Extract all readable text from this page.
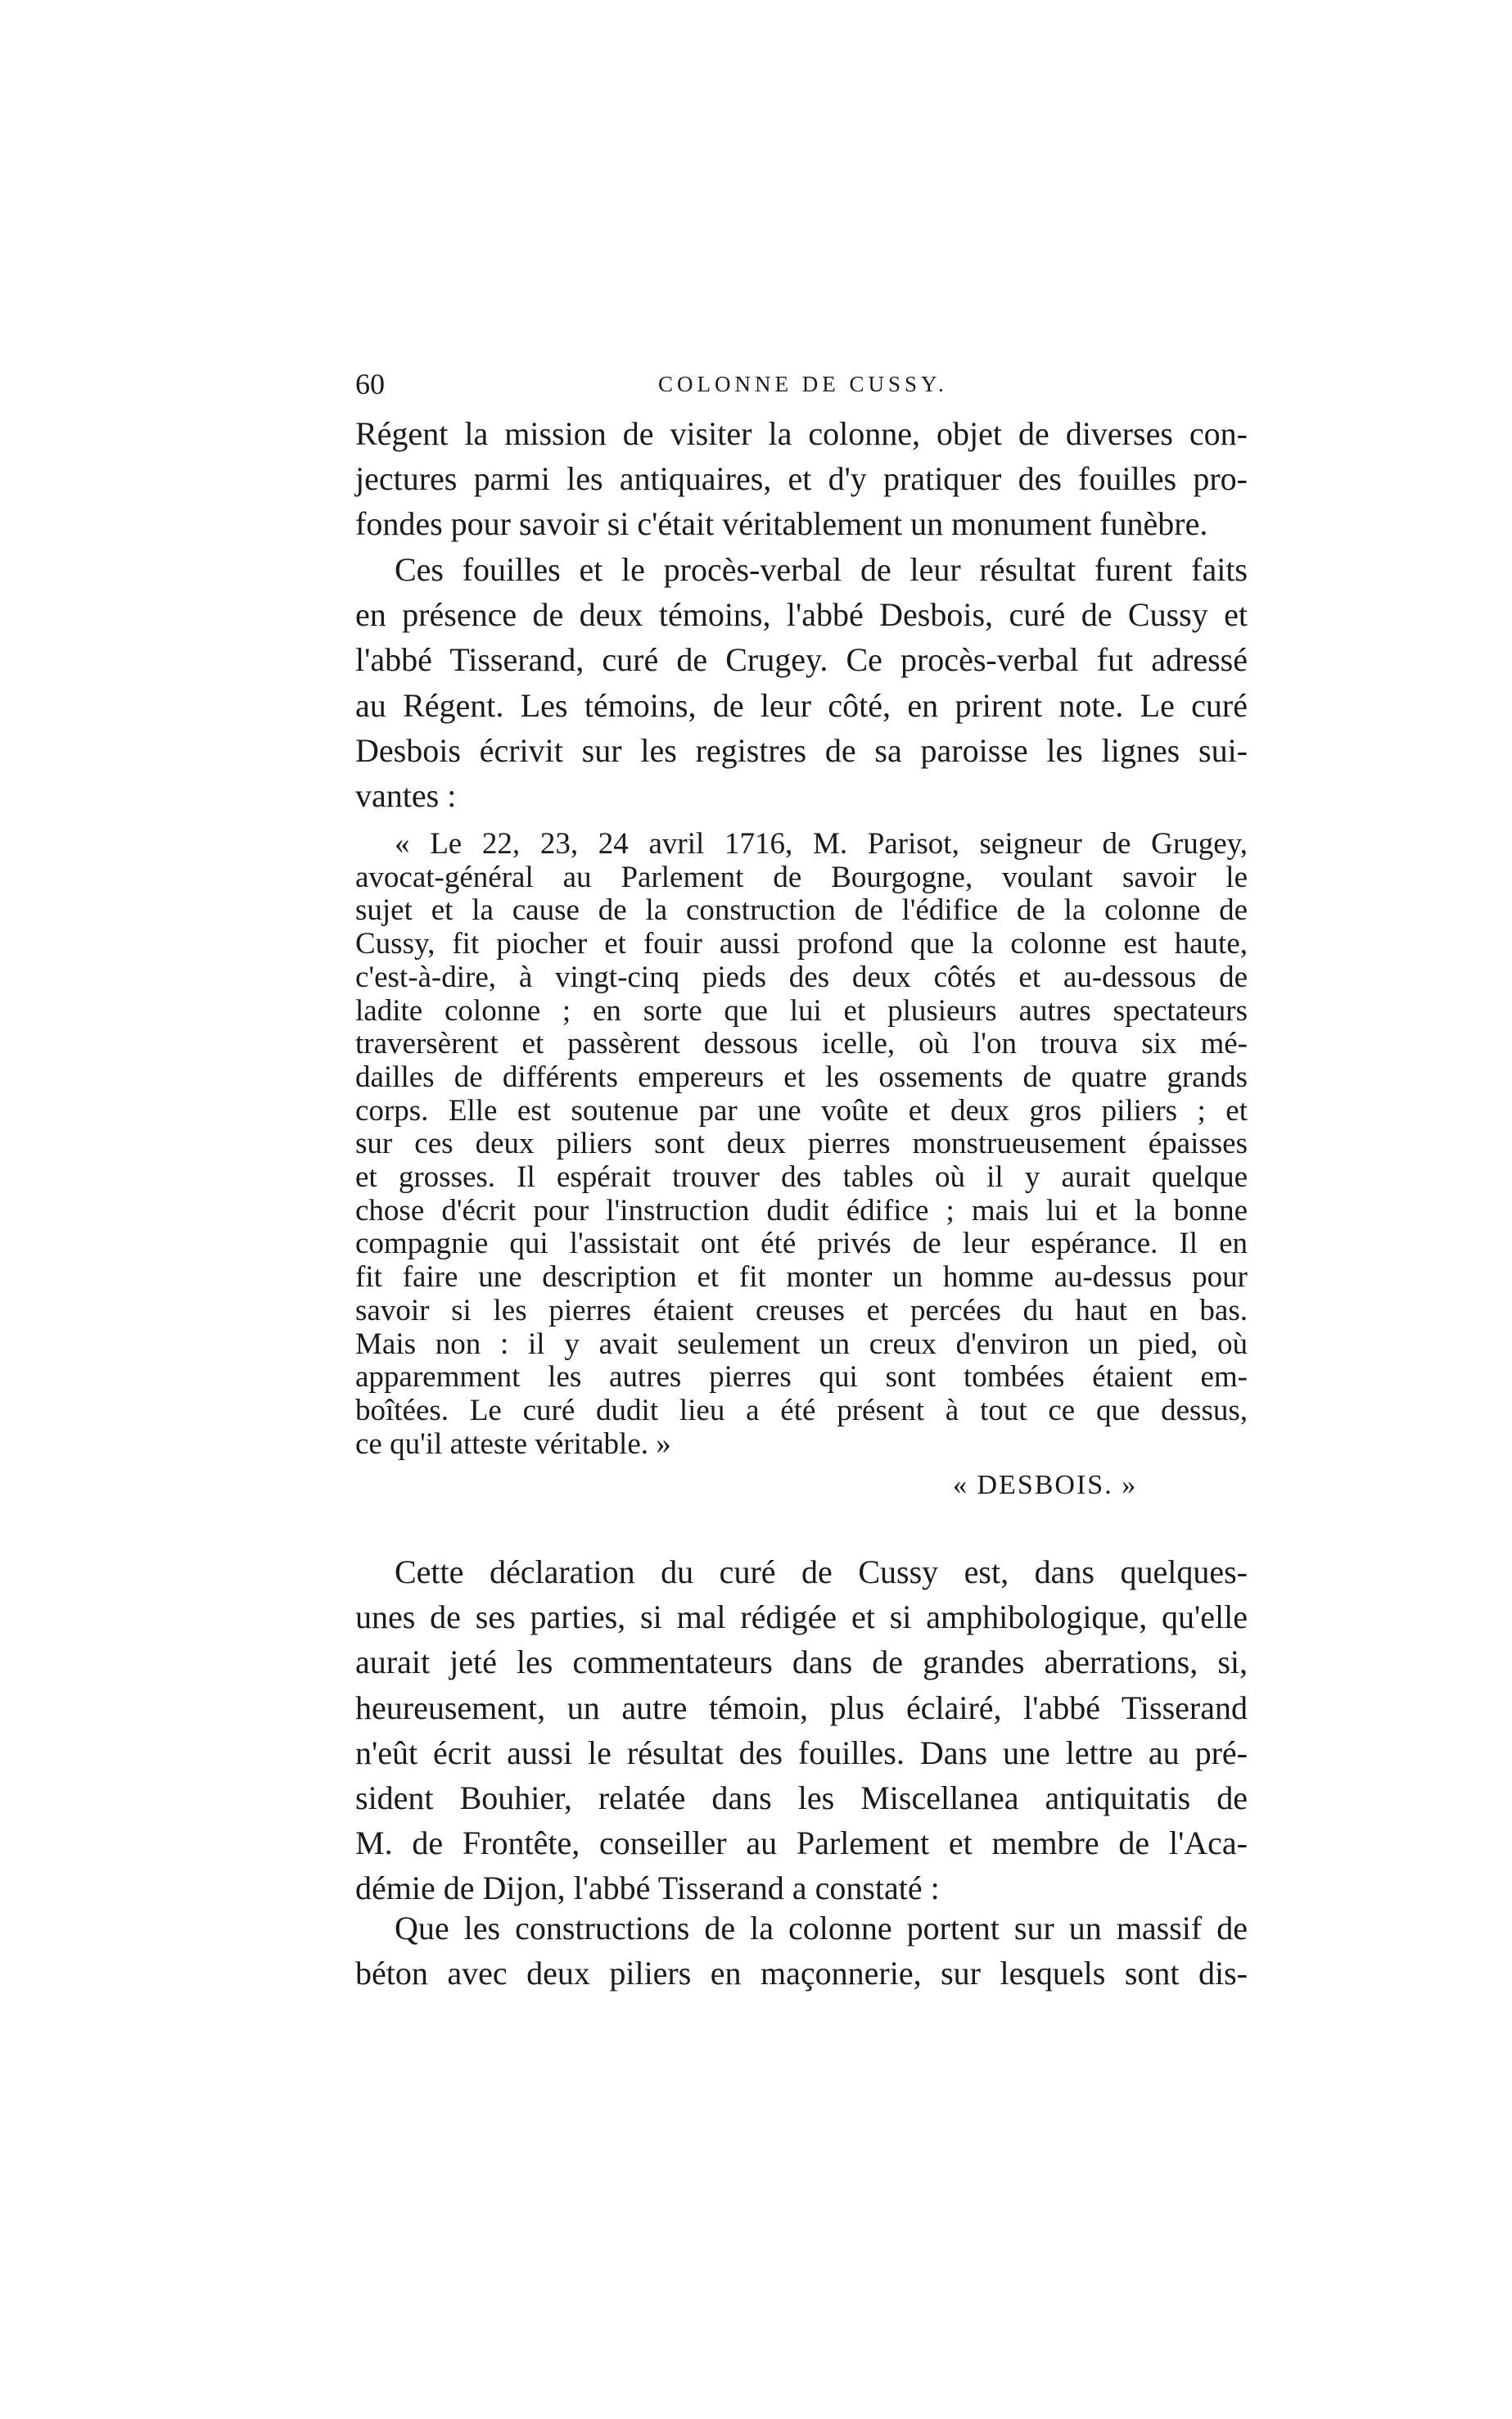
60	COLONNE DE CUSSY.
Régent la mission de visiter la colonne, objet de diverses con-
jectures parmi les antiquaires, et d'y pratiquer des fouilles pro-
fondes pour savoir si c'était véritablement un monument funèbre.
Ces fouilles et le procès-verbal de leur résultat furent faits
en présence de deux témoins, l'abbé Desbois, curé de Cussy et
l'abbé Tisserand, curé de Crugey. Ce procès-verbal fut adressé
au Régent. Les témoins, de leur côté, en prirent note. Le curé
Desbois écrivit sur les registres de sa paroisse les lignes sui-
vantes :
« Le 22, 23, 24 avril 1716, M. Parisot, seigneur de Grugey,
avocat-général au Parlement de Bourgogne, voulant savoir le
sujet et la cause de la construction de l'édifice de la colonne de
Cussy, fit piocher et fouir aussi profond que la colonne est haute,
c'est-à-dire, à vingt-cinq pieds des deux côtés et au-dessous de
ladite colonne ; en sorte que lui et plusieurs autres spectateurs
traversèrent et passèrent dessous icelle, où l'on trouva six mé-
dailles de différents empereurs et les ossements de quatre grands
corps. Elle est soutenue par une voûte et deux gros piliers ; et
sur ces deux piliers sont deux pierres monstrueusement épaisses
et grosses. Il espérait trouver des tables où il y aurait quelque
chose d'écrit pour l'instruction dudit édifice ; mais lui et la bonne
compagnie qui l'assistait ont été privés de leur espérance. Il en
fit faire une description et fit monter un homme au-dessus pour
savoir si les pierres étaient creuses et percées du haut en bas.
Mais non : il y avait seulement un creux d'environ un pied, où
apparemment les autres pierres qui sont tombées étaient em-
boîtées. Le curé dudit lieu a été présent à tout ce que dessus,
ce qu'il atteste véritable. »
« DESBOIS. »
Cette déclaration du curé de Cussy est, dans quelques-
unes de ses parties, si mal rédigée et si amphibologique, qu'elle
aurait jeté les commentateurs dans de grandes aberrations, si,
heureusement, un autre témoin, plus éclairé, l'abbé Tisserand
n'eût écrit aussi le résultat des fouilles. Dans une lettre au pré-
sident Bouhier, relatée dans les Miscellanea antiquitatis de
M. de Frontête, conseiller au Parlement et membre de l'Aca-
démie de Dijon, l'abbé Tisserand a constaté :
Que les constructions de la colonne portent sur un massif de
béton avec deux piliers en maçonnerie, sur lesquels sont dis-
